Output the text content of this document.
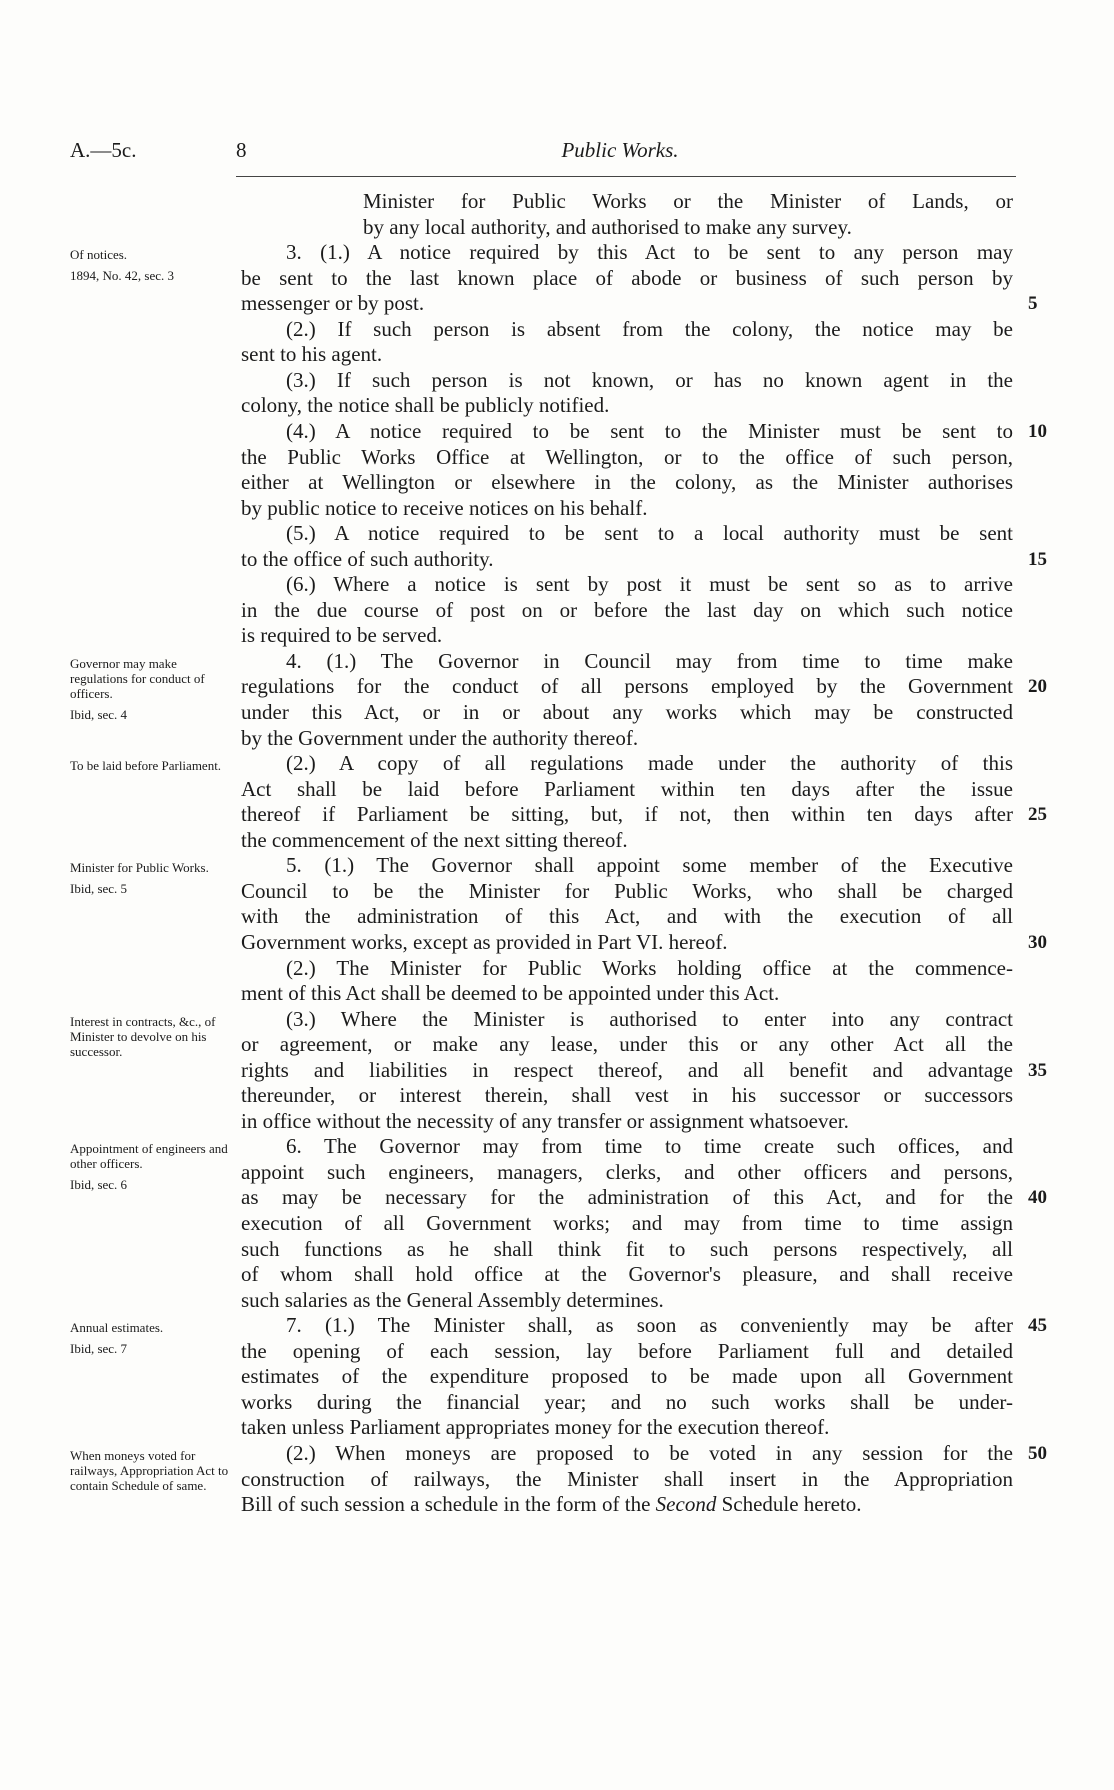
A.—5c.	8	Public Works.
Minister for Public Works or the Minister of Lands, or
by any local authority, and authorised to make any survey.
3. (1.) A notice required by this Act to be sent to any person may
be sent to the last known place of abode or business of such person by
messenger or by post.
(2.) If such person is absent from the colony, the notice may be
sent to his agent.
(3.) If such person is not known, or has no known agent in the
colony, the notice shall be publicly notified.
(4.) A notice required to be sent to the Minister must be sent to
the Public Works Office at Wellington, or to the office of such person,
either at Wellington or elsewhere in the colony, as the Minister authorises
by public notice to receive notices on his behalf.
(5.) A notice required to be sent to a local authority must be sent
to the office of such authority.
(6.) Where a notice is sent by post it must be sent so as to arrive
in the due course of post on or before the last day on which such notice
is required to be served.
4. (1.) The Governor in Council may from time to time make
regulations for the conduct of all persons employed by the Government
under this Act, or in or about any works which may be constructed
by the Government under the authority thereof.
(2.) A copy of all regulations made under the authority of this
Act shall be laid before Parliament within ten days after the issue
thereof if Parliament be sitting, but, if not, then within ten days after
the commencement of the next sitting thereof.
5. (1.) The Governor shall appoint some member of the Executive
Council to be the Minister for Public Works, who shall be charged
with the administration of this Act, and with the execution of all
Government works, except as provided in Part VI. hereof.
(2.) The Minister for Public Works holding office at the commence-
ment of this Act shall be deemed to be appointed under this Act.
(3.) Where the Minister is authorised to enter into any contract
or agreement, or make any lease, under this or any other Act all the
rights and liabilities in respect thereof, and all benefit and advantage
thereunder, or interest therein, shall vest in his successor or successors
in office without the necessity of any transfer or assignment whatsoever.
6. The Governor may from time to time create such offices, and
appoint such engineers, managers, clerks, and other officers and persons,
as may be necessary for the administration of this Act, and for the
execution of all Government works; and may from time to time assign
such functions as he shall think fit to such persons respectively, all
of whom shall hold office at the Governor's pleasure, and shall receive
such salaries as the General Assembly determines.
7. (1.) The Minister shall, as soon as conveniently may be after
the opening of each session, lay before Parliament full and detailed
estimates of the expenditure proposed to be made upon all Government
works during the financial year; and no such works shall be under-
taken unless Parliament appropriates money for the execution thereof.
(2.) When moneys are proposed to be voted in any session for the
construction of railways, the Minister shall insert in the Appropriation
Bill of such session a schedule in the form of the Second Schedule hereto.
5
10
15
20
25
30
35
40
45
50
Of notices.
1894, No. 42, sec. 3
Governor may make regulations for conduct of officers.
Ibid, sec. 4
To be laid before Parliament.
Minister for Public Works.
Ibid, sec. 5
Interest in contracts, &c., of Minister to devolve on his successor.
Appointment of engineers and other officers.
Ibid, sec. 6
Annual estimates.
Ibid, sec. 7
When moneys voted for railways, Appropriation Act to contain Schedule of same.
